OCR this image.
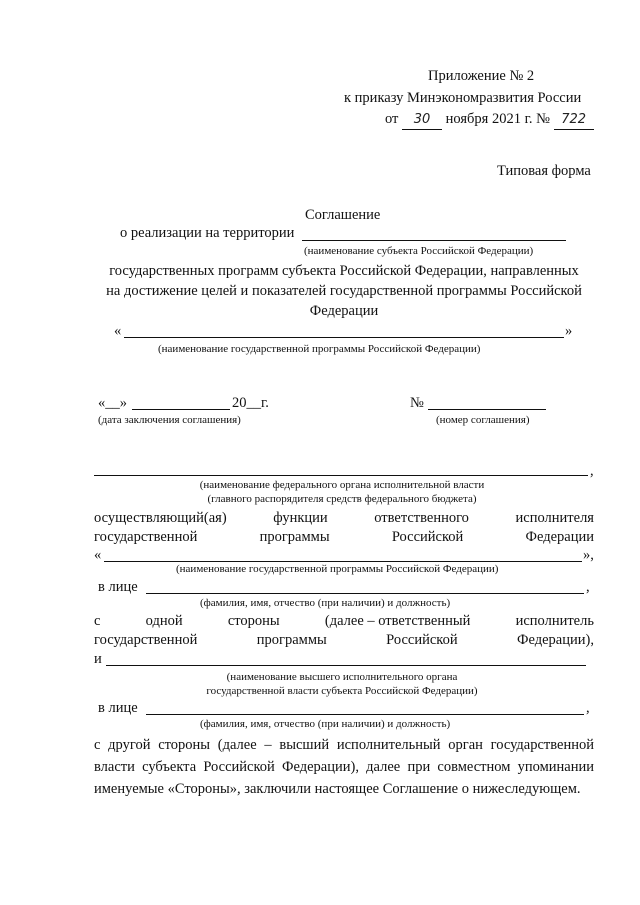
Приложение № 2
к приказу Минэкономразвития России
от 30 ноября 2021 г. № 722
Типовая форма
Соглашение
о реализации на территории
(наименование субъекта Российской Федерации)
государственных программ субъекта Российской Федерации, направленных
на достижение целей и показателей государственной программы Российской
Федерации
«	»
(наименование государственной программы Российской Федерации)
«__»	20__г.
(дата заключения соглашения)
№
(номер соглашения)
,
(наименование федерального органа исполнительной власти
(главного распорядителя средств федерального бюджета)
осуществляющий(ая)	функции	ответственного	исполнителя
государственной	программы	Российской	Федерации
«	»,
(наименование государственной программы Российской Федерации)
в лице	,
(фамилия, имя, отчество (при наличии) и должность)
с	одной	стороны	(далее – ответственный	исполнитель
государственной	программы	Российской	Федерации),
и
(наименование высшего исполнительного органа
государственной власти субъекта Российской Федерации)
в лице	,
(фамилия, имя, отчество (при наличии) и должность)
с другой стороны (далее – высший исполнительный орган государственной власти субъекта Российской Федерации), далее при совместном упоминании именуемые «Стороны», заключили настоящее Соглашение о нижеследующем.
